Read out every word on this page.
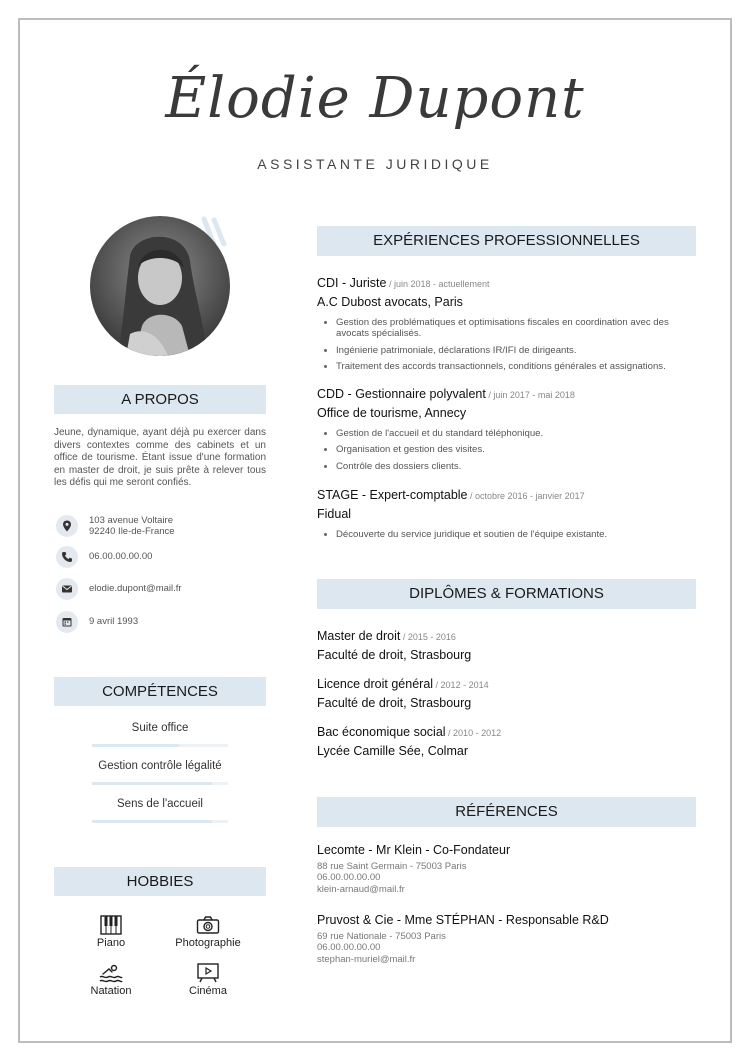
Élodie Dupont
ASSISTANTE JURIDIQUE
A PROPOS
Jeune, dynamique, ayant déjà pu exercer dans divers contextes comme des cabinets et un office de tourisme. Étant issue d'une formation en master de droit, je suis prête à relever tous les défis qui me seront confiés.
103 avenue Voltaire
92240 Ile-de-France
06.00.00.00.00
elodie.dupont@mail.fr
9 avril 1993
COMPÉTENCES
Suite office
Gestion contrôle légalité
Sens de l'accueil
HOBBIES
Piano	Photographie
Natation	Cinéma
EXPÉRIENCES PROFESSIONNELLES
CDI - Juriste / juin 2018 - actuellement
A.C Dubost avocats, Paris
Gestion des problématiques et optimisations fiscales en coordination avec des avocats spécialisés.
Ingénierie patrimoniale, déclarations IR/IFI de dirigeants.
Traitement des accords transactionnels, conditions générales et assignations.
CDD - Gestionnaire polyvalent / juin 2017 - mai 2018
Office de tourisme, Annecy
Gestion de l'accueil et du standard téléphonique.
Organisation et gestion des visites.
Contrôle des dossiers clients.
STAGE - Expert-comptable / octobre 2016 - janvier 2017
Fidual
Découverte du service juridique et soutien de l'équipe existante.
DIPLÔMES & FORMATIONS
Master de droit / 2015 - 2016
Faculté de droit, Strasbourg
Licence droit général / 2012 - 2014
Faculté de droit, Strasbourg
Bac économique social / 2010 - 2012
Lycée Camille Sée, Colmar
RÉFÉRENCES
Lecomte - Mr Klein - Co-Fondateur
88 rue Saint Germain - 75003 Paris
06.00.00.00.00
klein-arnaud@mail.fr
Pruvost & Cie - Mme STÉPHAN - Responsable R&D
69 rue Nationale - 75003 Paris
06.00.00.00.00
stephan-muriel@mail.fr
